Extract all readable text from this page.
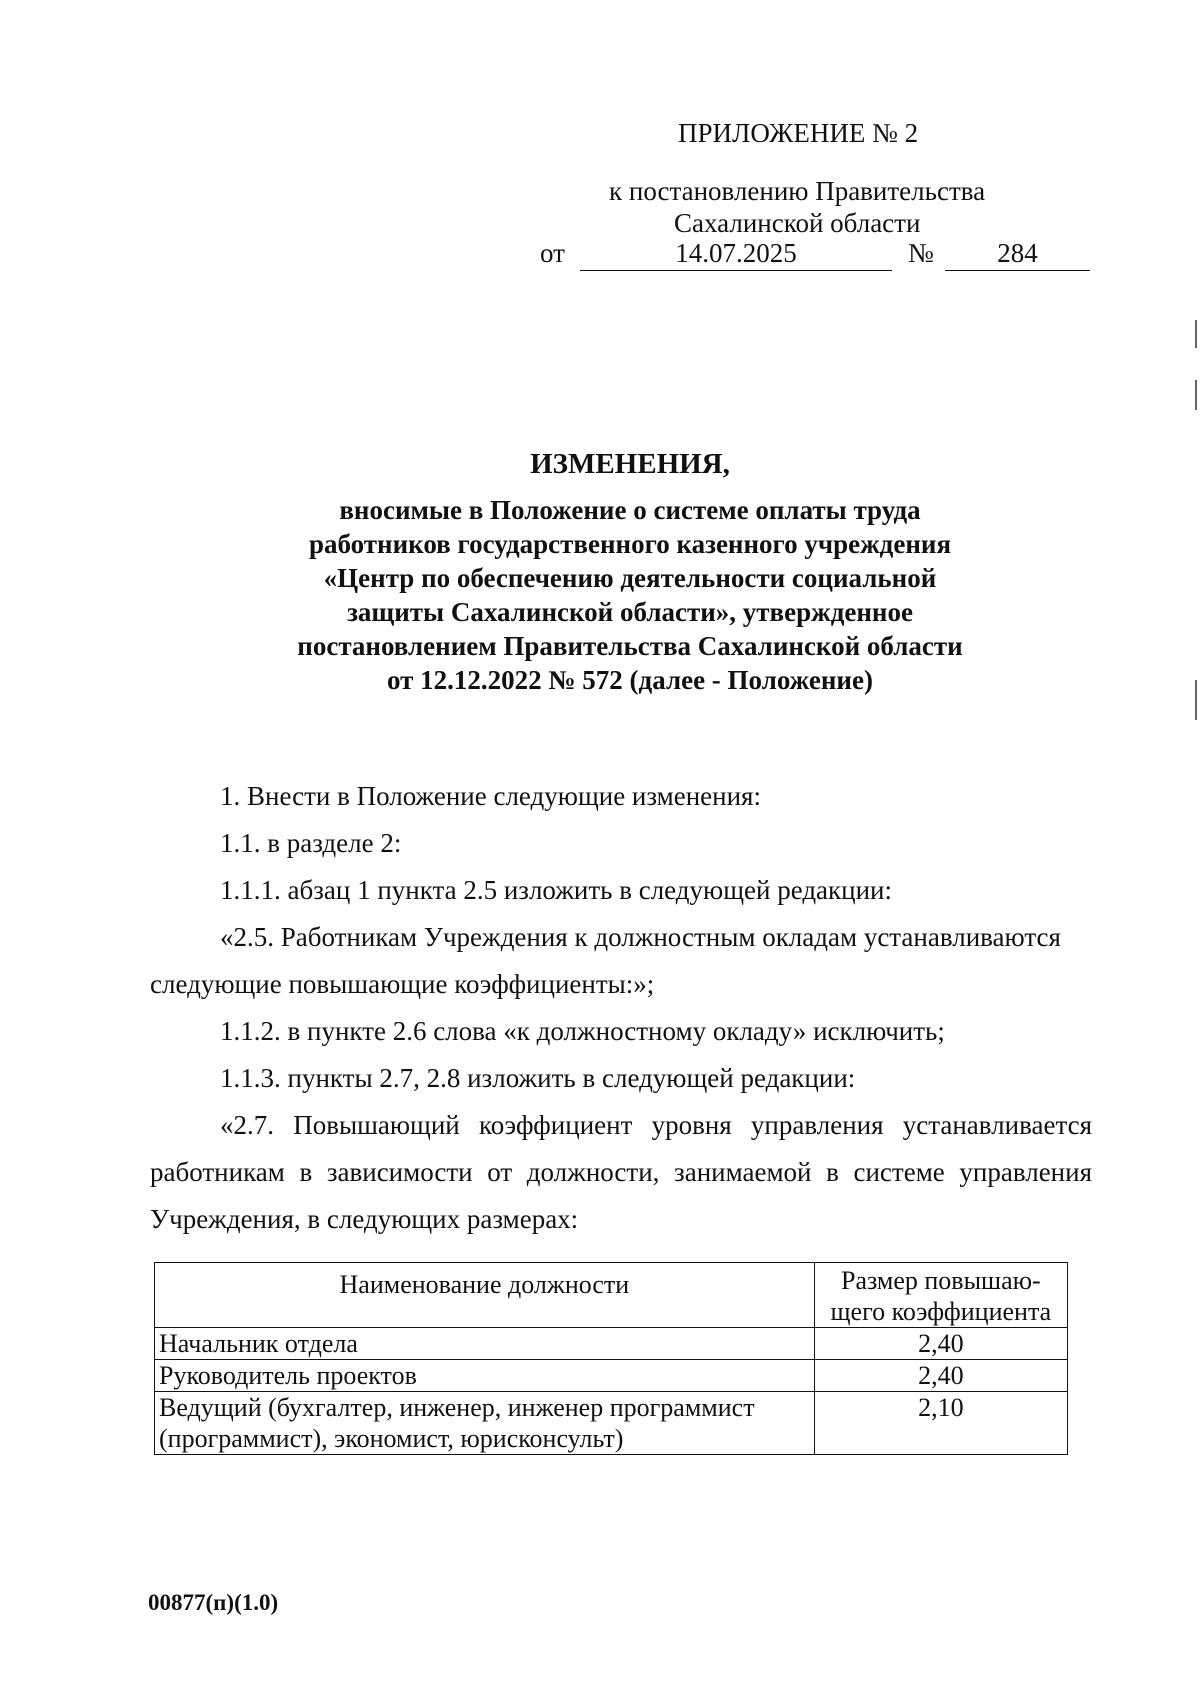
ПРИЛОЖЕНИЕ № 2
к постановлению Правительства
Сахалинской области
от	14.07.2025	№	284
ИЗМЕНЕНИЯ,
вносимые в Положение о системе оплаты труда
работников государственного казенного учреждения
«Центр по обеспечению деятельности социальной
защиты Сахалинской области», утвержденное
постановлением Правительства Сахалинской области
от 12.12.2022 № 572 (далее - Положение)
1. Внести в Положение следующие изменения:
1.1. в разделе 2:
1.1.1. абзац 1 пункта 2.5 изложить в следующей редакции:
«2.5. Работникам Учреждения к должностным окладам устанавливаются
следующие повышающие коэффициенты:»;
1.1.2. в пункте 2.6 слова «к должностному окладу» исключить;
1.1.3. пункты 2.7, 2.8 изложить в следующей редакции:
«2.7. Повышающий коэффициент уровня управления устанавливается
работникам в зависимости от должности, занимаемой в системе управления
Учреждения, в следующих размерах:
Наименование должности	Размер повышаю-
щего коэффициента
Начальник отдела	2,40
Руководитель проектов	2,40
Ведущий (бухгалтер, инженер, инженер программист
(программист), экономист, юрисконсульт)	2,10
00877(п)(1.0)
